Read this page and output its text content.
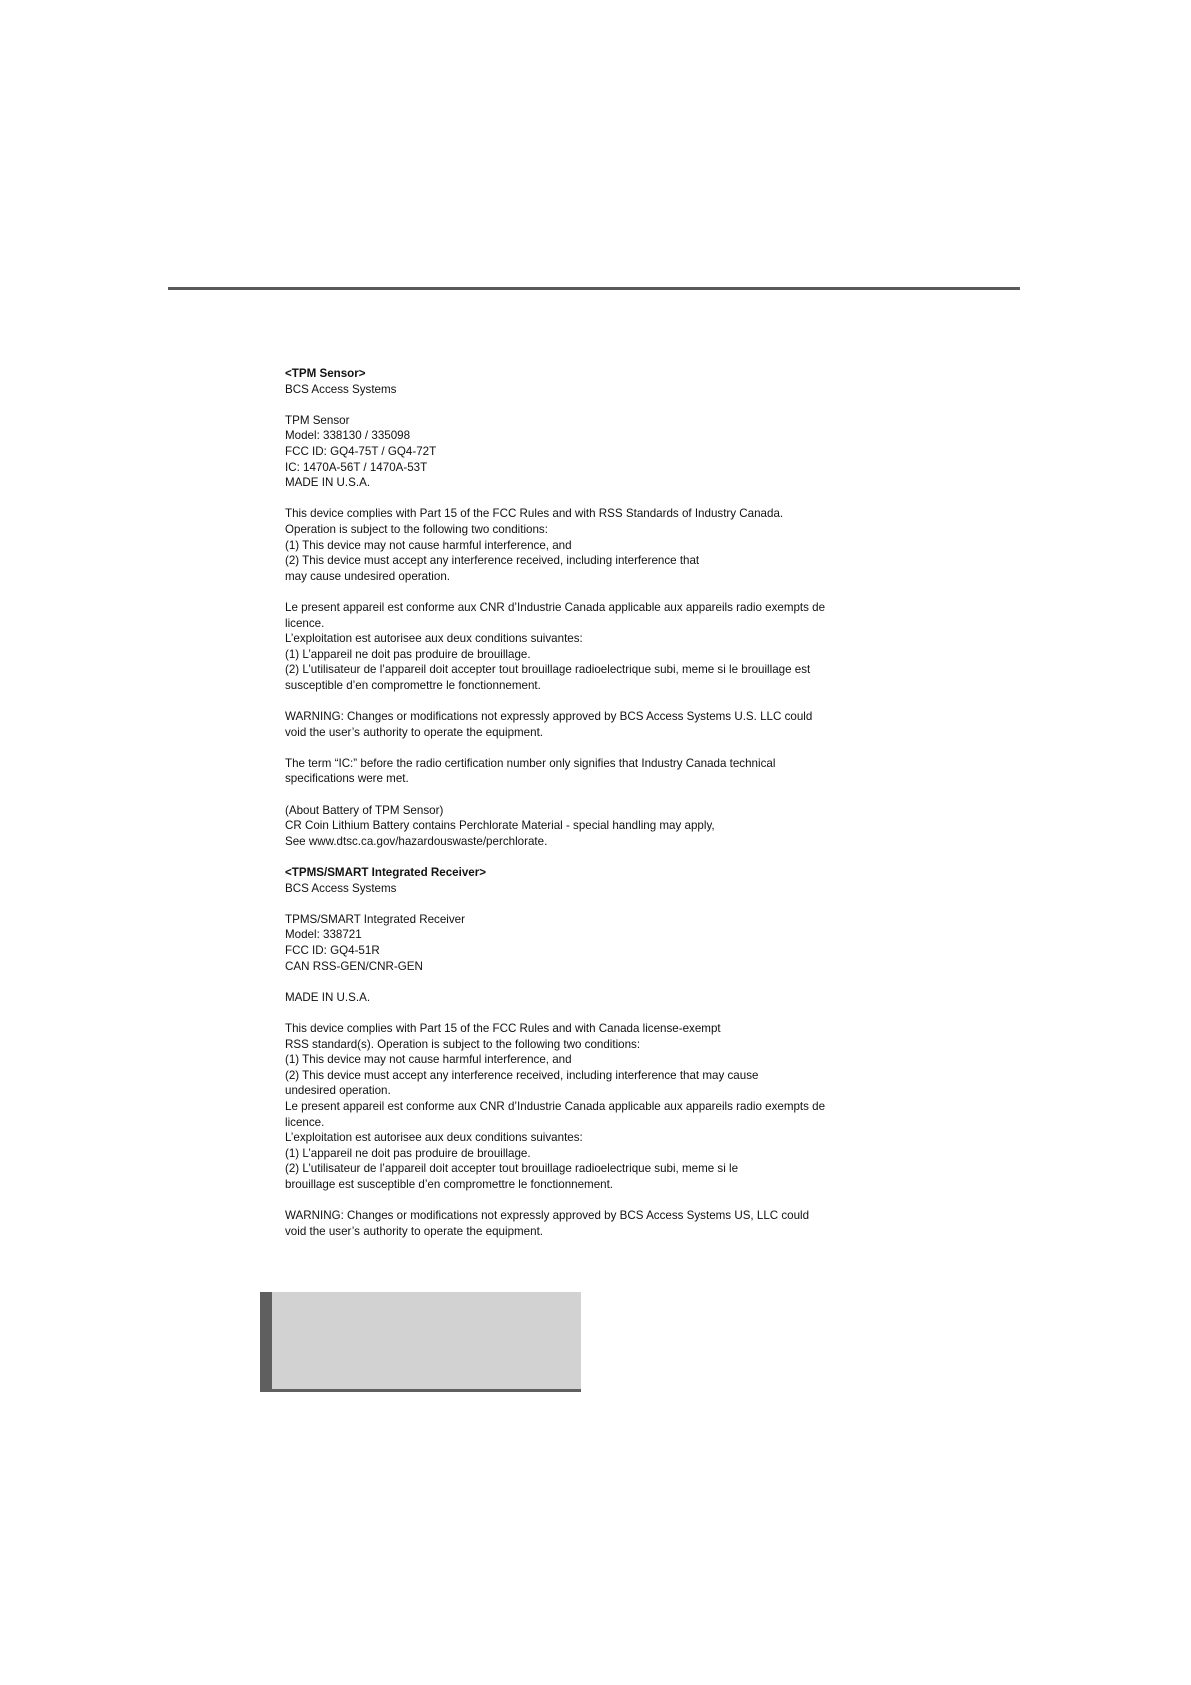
<TPM Sensor>
BCS Access Systems

TPM Sensor
Model: 338130 / 335098
FCC ID: GQ4-75T / GQ4-72T
IC: 1470A-56T / 1470A-53T
MADE IN U.S.A.

This device complies with Part 15 of the FCC Rules and with RSS Standards of Industry Canada.
Operation is subject to the following two conditions:
(1) This device may not cause harmful interference, and
(2) This device must accept any interference received, including interference that
may cause undesired operation.

Le present appareil est conforme aux CNR d’Industrie Canada applicable aux appareils radio exempts de
licence.
L’exploitation est autorisee aux deux conditions suivantes:
(1) L’appareil ne doit pas produire de brouillage.
(2) L’utilisateur de l’appareil doit accepter tout brouillage radioelectrique subi, meme si le brouillage est
susceptible d’en compromettre le fonctionnement.

WARNING: Changes or modifications not expressly approved by BCS Access Systems U.S. LLC could
void the user’s authority to operate the equipment.

The term “IC:” before the radio certification number only signifies that Industry Canada technical
specifications were met.

(About Battery of TPM Sensor)
CR Coin Lithium Battery contains Perchlorate Material - special handling may apply,
See www.dtsc.ca.gov/hazardouswaste/perchlorate.

<TPMS/SMART Integrated Receiver>
BCS Access Systems

TPMS/SMART Integrated Receiver
Model: 338721
FCC ID: GQ4-51R
CAN RSS-GEN/CNR-GEN

MADE IN U.S.A.

This device complies with Part 15 of the FCC Rules and with Canada license-exempt
RSS standard(s). Operation is subject to the following two conditions:
(1) This device may not cause harmful interference, and
(2) This device must accept any interference received, including interference that may cause
undesired operation.
Le present appareil est conforme aux CNR d’Industrie Canada applicable aux appareils radio exempts de
licence.
L’exploitation est autorisee aux deux conditions suivantes:
(1) L’appareil ne doit pas produire de brouillage.
(2) L’utilisateur de l’appareil doit accepter tout brouillage radioelectrique subi, meme si le
brouillage est susceptible d’en compromettre le fonctionnement.

WARNING: Changes or modifications not expressly approved by BCS Access Systems US, LLC could
void the user’s authority to operate the equipment.
